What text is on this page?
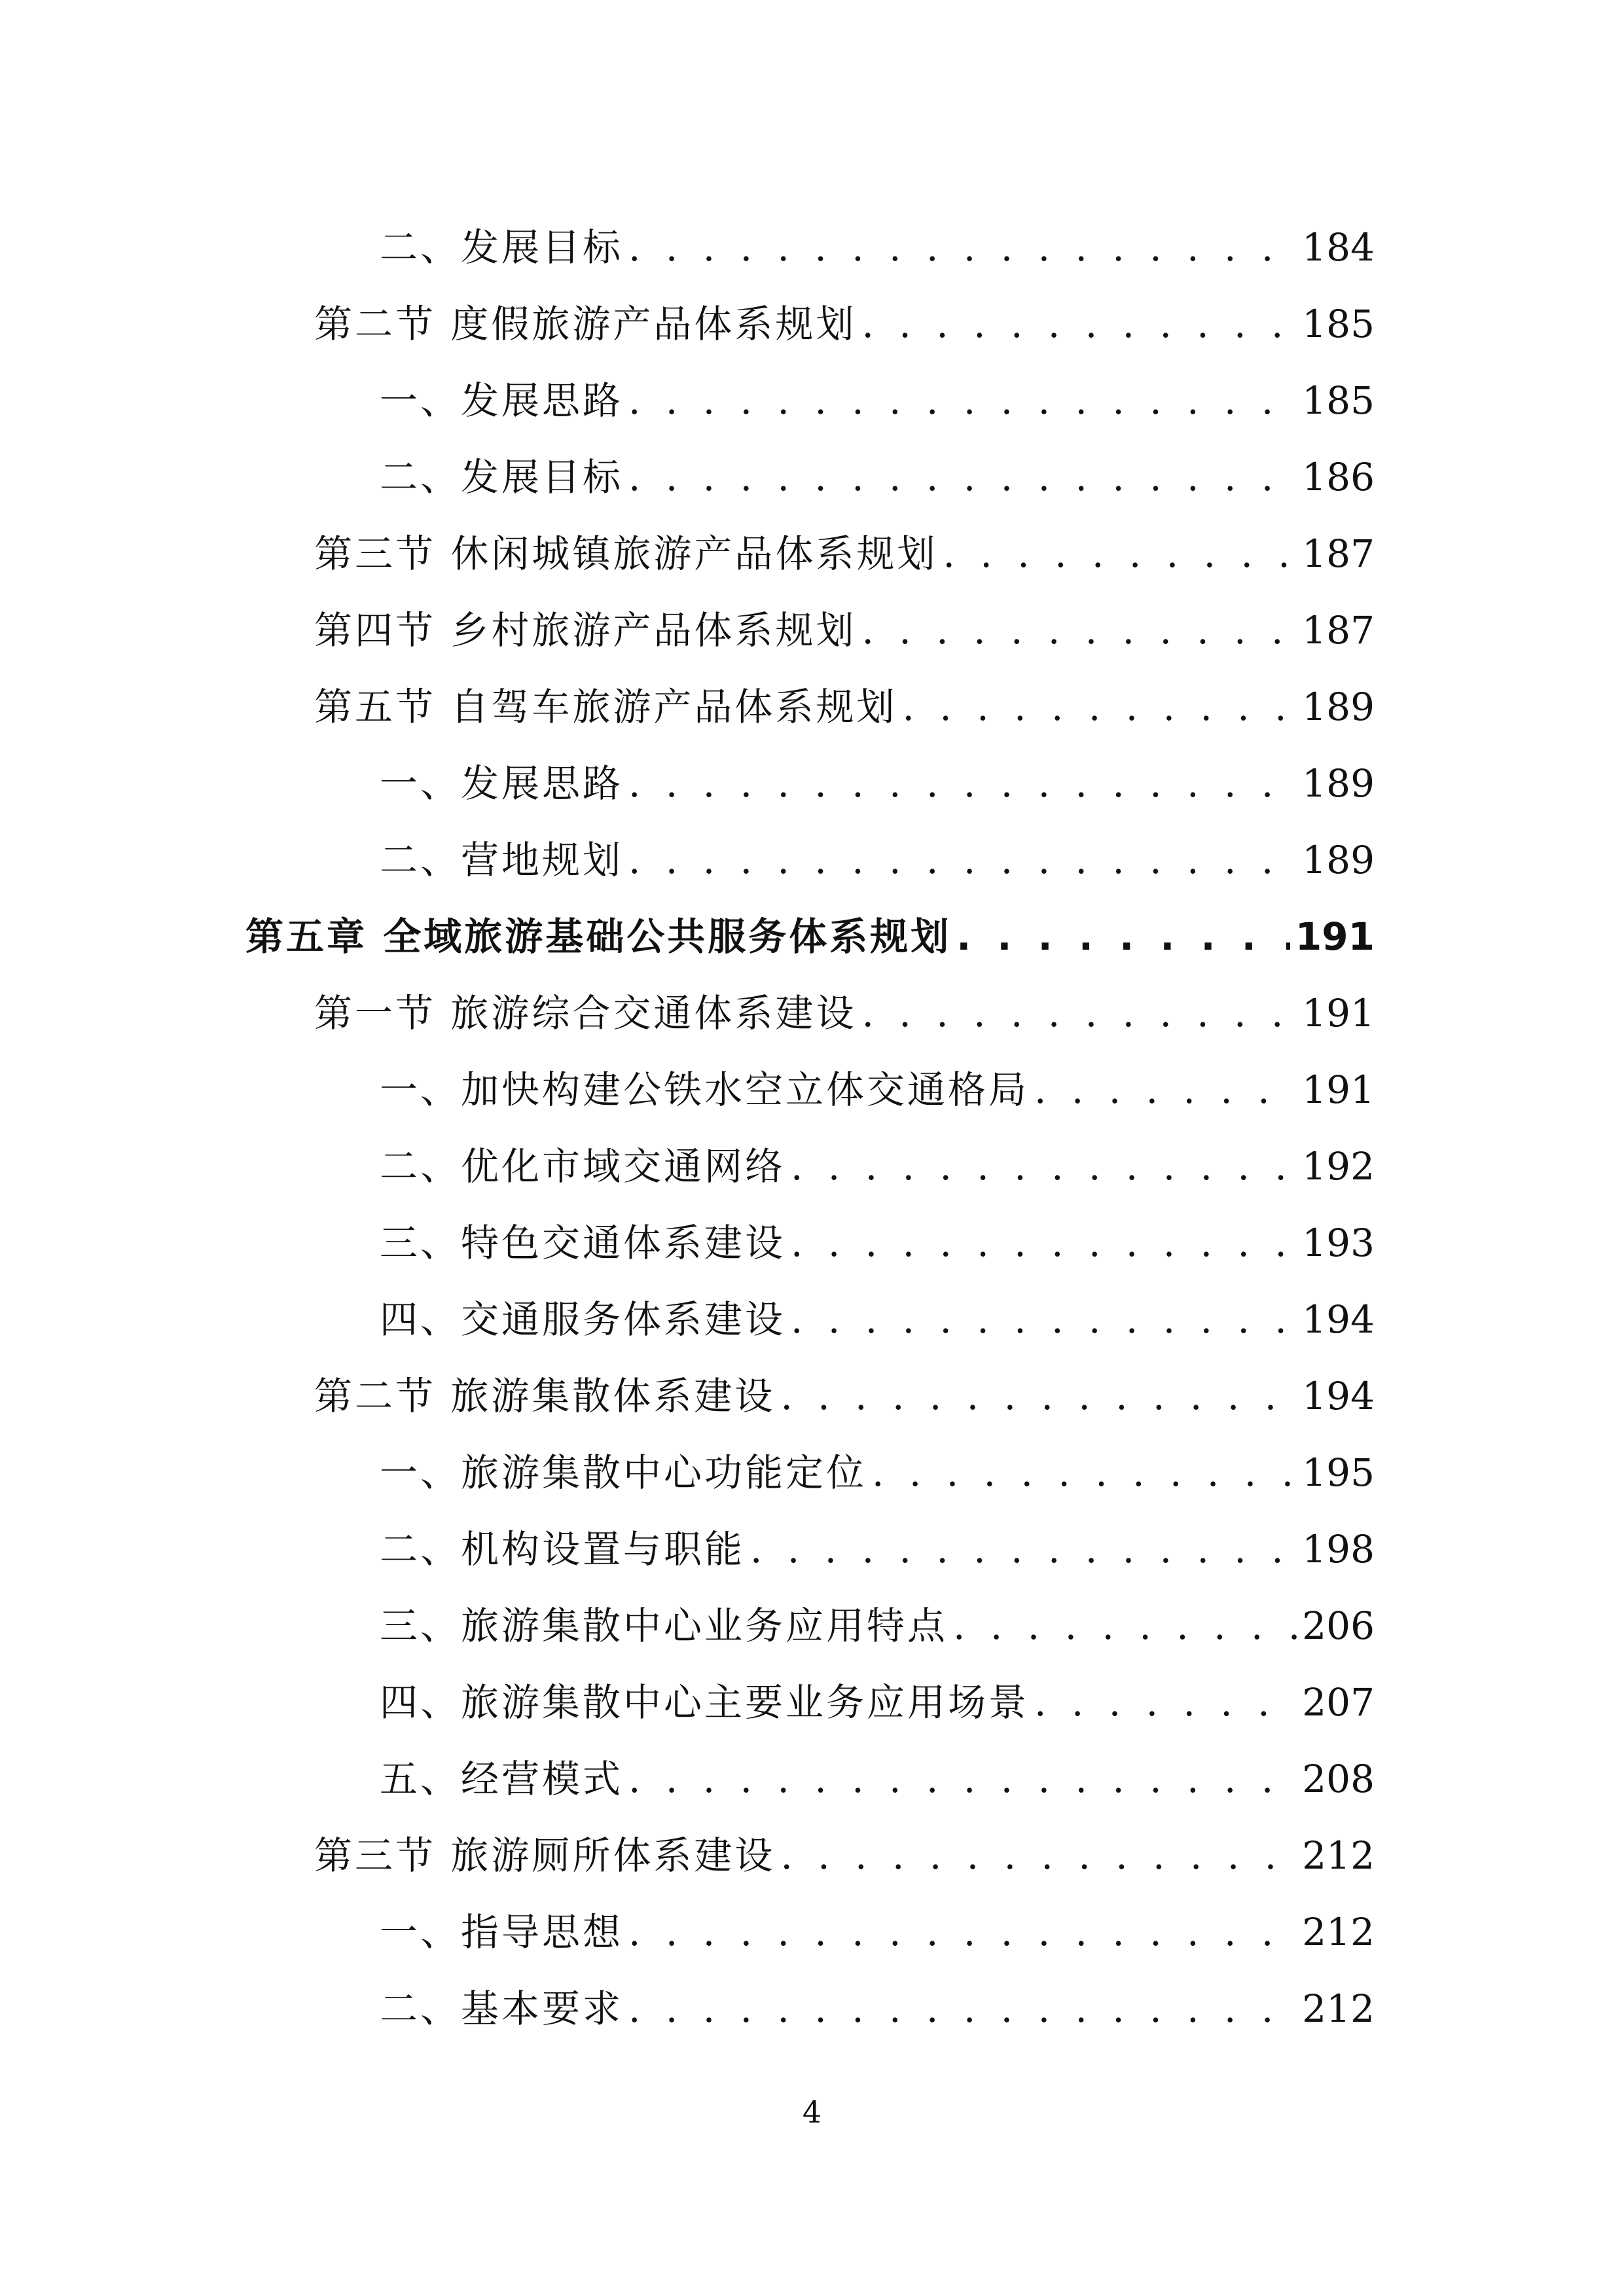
二、发展目标 . . .	184
第二节 度假旅游产品体系规划 . . .	185
一、发展思路 . . .	185
二、发展目标 . . .	186
第三节 休闲城镇旅游产品体系规划 . . .	187
第四节 乡村旅游产品体系规划 . . .	187
第五节 自驾车旅游产品体系规划 . . .	189
一、发展思路 . . .	189
二、营地规划 . . .	189
第五章 全域旅游基础公共服务体系规划 . . .	191
第一节 旅游综合交通体系建设 . . .	191
一、加快构建公铁水空立体交通格局 . . .	191
二、优化市域交通网络 . . .	192
三、特色交通体系建设 . . .	193
四、交通服务体系建设 . . .	194
第二节 旅游集散体系建设 . . .	194
一、旅游集散中心功能定位 . . .	195
二、机构设置与职能 . . .	198
三、旅游集散中心业务应用特点 . . .	206
四、旅游集散中心主要业务应用场景 . . .	207
五、经营模式 . . .	208
第三节 旅游厕所体系建设 . . .	212
一、指导思想 . . .	212
二、基本要求 . . .	212
4
